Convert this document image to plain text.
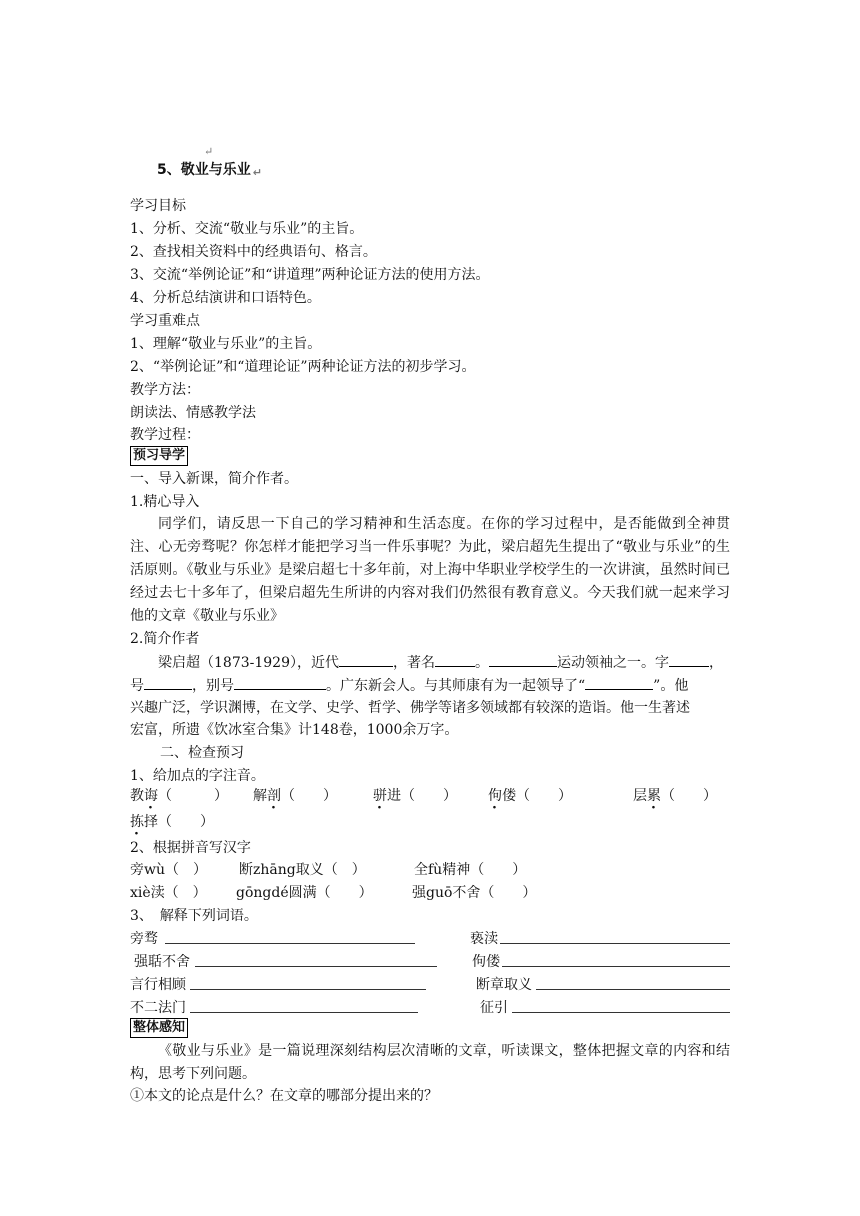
↵
5、敬业与乐业 ↵
学习目标
1、分析、交流“敬业与乐业”的主旨。
2、查找相关资料中的经典语句、格言。
3、交流“举例论证”和“讲道理”两种论证方法的使用方法。
4、分析总结演讲和口语特色。
学习重难点
1、理解“敬业与乐业”的主旨。
2、“举例论证”和“道理论证”两种论证方法的初步学习。
教学方法：
朗读法、情感教学法
教学过程：
预习导学
一、导入新课，简介作者。
1.精心导入
同学们，请反思一下自己的学习精神和生活态度。在你的学习过程中，是否能做到全神贯注、心无旁骛呢？你怎样才能把学习当一件乐事呢？为此，梁启超先生提出了“敬业与乐业”的生活原则。《敬业与乐业》是梁启超七十多年前，对上海中华职业学校学生的一次讲演，虽然时间已经过去七十多年了，但梁启超先生所讲的内容对我们仍然很有教育意义。今天我们就一起来学习他的文章《敬业与乐业》
2.简介作者
梁启超（1873-1929），近代	，著名	。	运动领袖之一。字	，
号	，别号	。广东新会人。与其师康有为一起领导了“	”。他
兴趣广泛，学识渊博，在文学、史学、哲学、佛学等诸多领域都有较深的造诣。他一生著述
宏富，所遗《饮冰室合集》计148卷，1000余万字。
二、检查预习
1、给加点的字注音。
教诲（　　　） 解剖（　　）	骈进（　　） 佝偻（　　）	层累（　　）
拣择（　　）
2、根据拼音写汉字
旁wù（　） 断zhāng取义（　）	全fù精神（　　）
xiè渎（　） gōngdé圆满（　　）	强guō不舍（　　）
3、　解释下列词语。
旁骛	亵渎
强聒不舍	佝偻
言行相顾	断章取义
不二法门	征引
整体感知
《敬业与乐业》是一篇说理深刻结构层次清晰的文章，听读课文，整体把握文章的内容和结构，思考下列问题。
①本文的论点是什么？在文章的哪部分提出来的？
